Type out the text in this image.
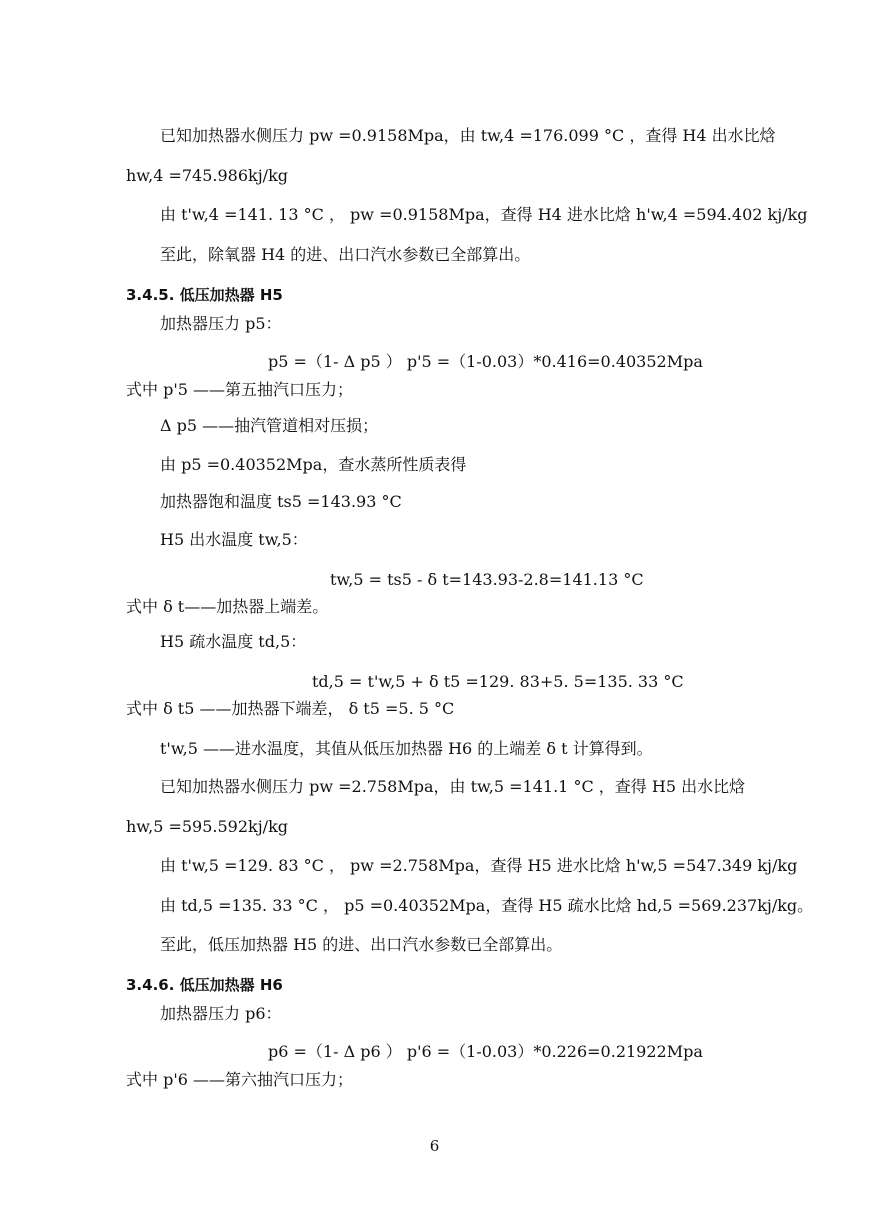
已知加热器水侧压力 pw =0.9158Mpa，由 tw,4 =176.099 °C ，查得 H4 出水比焓
hw,4 =745.986kj/kg
由 t'w,4 =141. 13 °C ， pw =0.9158Mpa，查得 H4 进水比焓 h'w,4 =594.402 kj/kg
至此，除氧器 H4 的进、出口汽水参数已全部算出。
3.4.5. 低压加热器 H5
加热器压力 p5：
p5 =（1- Δ p5 ） p'5 =（1-0.03）*0.416=0.40352Mpa
式中 p'5 ——第五抽汽口压力；
Δ p5 ——抽汽管道相对压损；
由 p5 =0.40352Mpa，查水蒸所性质表得
加热器饱和温度 ts5 =143.93 °C
H5 出水温度 tw,5：
tw,5 = ts5 - δ t=143.93-2.8=141.13 °C
式中 δ t——加热器上端差。
H5 疏水温度 td,5：
td,5 = t'w,5 + δ t5 =129. 83+5. 5=135. 33 °C
式中 δ t5 ——加热器下端差， δ t5 =5. 5 °C
t'w,5 ——进水温度，其值从低压加热器 H6 的上端差 δ t 计算得到。
已知加热器水侧压力 pw =2.758Mpa，由 tw,5 =141.1 °C ，查得 H5 出水比焓
hw,5 =595.592kj/kg
由 t'w,5 =129. 83 °C ， pw =2.758Mpa，查得 H5 进水比焓 h'w,5 =547.349 kj/kg
由 td,5 =135. 33 °C ， p5 =0.40352Mpa，查得 H5 疏水比焓 hd,5 =569.237kj/kg。
至此，低压加热器 H5 的进、出口汽水参数已全部算出。
3.4.6. 低压加热器 H6
加热器压力 p6：
p6 =（1- Δ p6 ） p'6 =（1-0.03）*0.226=0.21922Mpa
式中 p'6 ——第六抽汽口压力；
6
